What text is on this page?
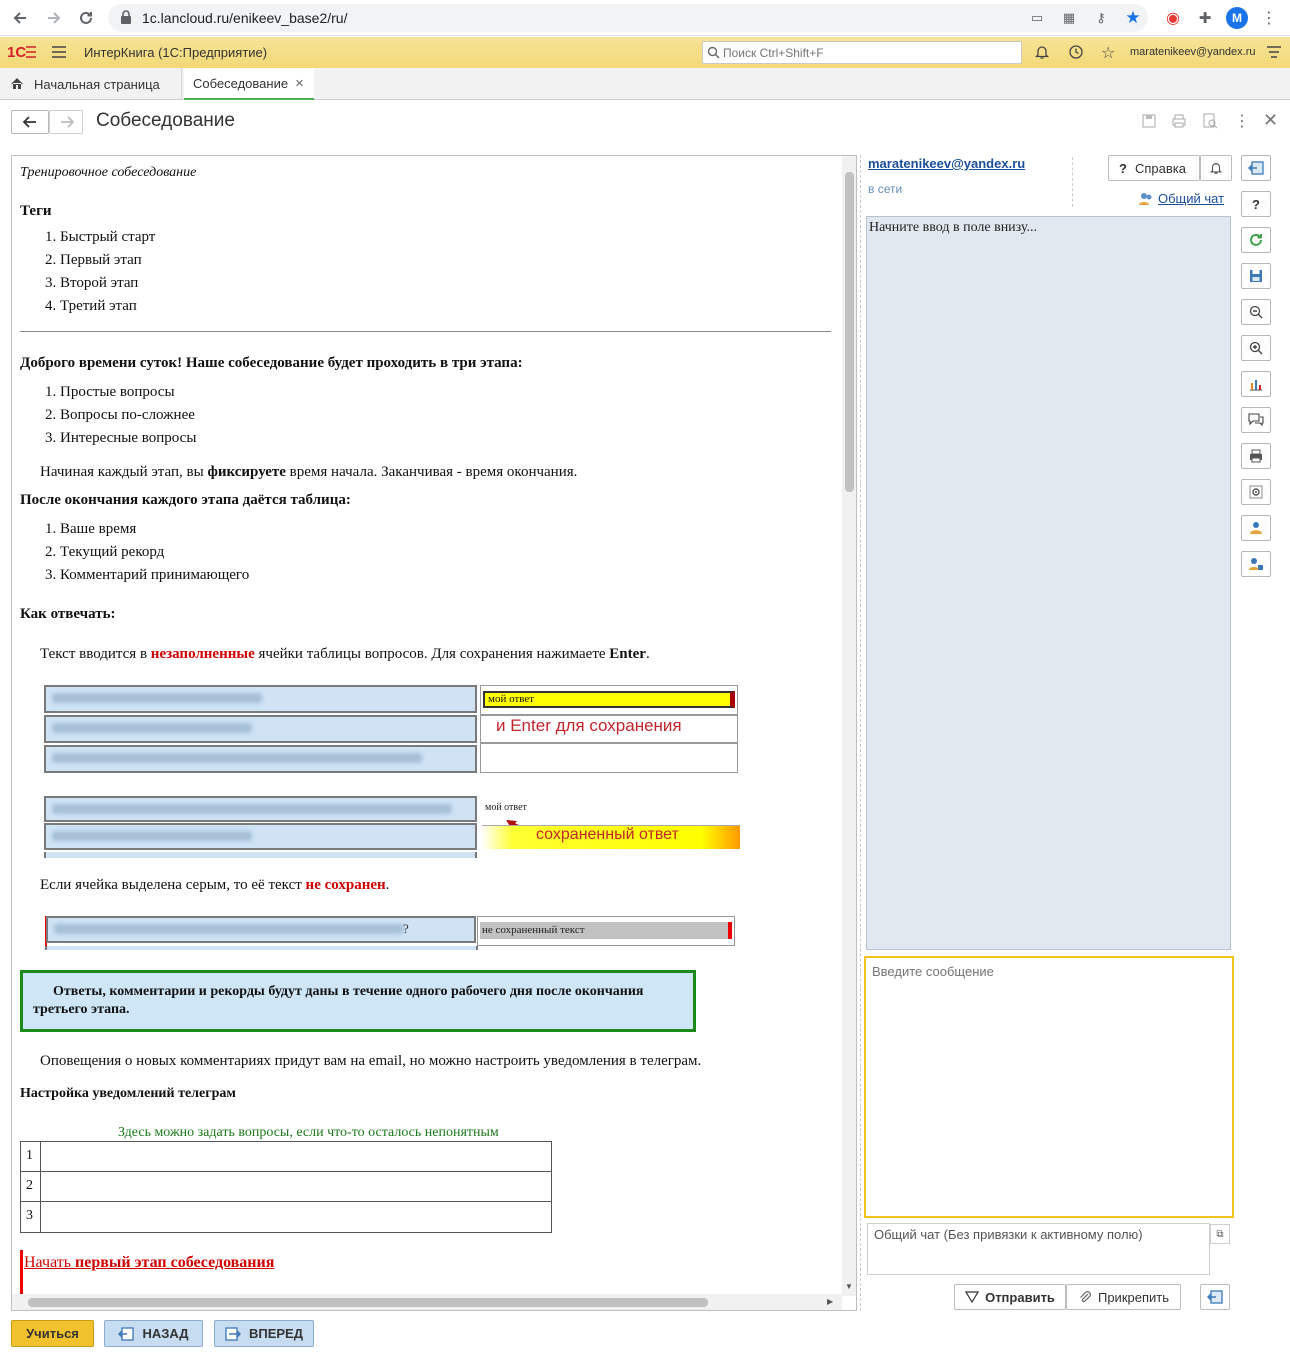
1c.lancloud.ru/enikeev_base2/ru/	▭ ▦	⚷	★ ◉ ✚	M	⋮
1С	ИнтерКнига (1С:Предприятие)
Поиск Ctrl+Shift+F	☆	maratenikeev@yandex.ru
Начальная страница	Собеседование ×
Собеседование	⋮ ✕
Тренировочное собеседование
Теги
1. Быстрый старт
2. Первый этап
3. Второй этап
4. Третий этап
Доброго времени суток! Наше собеседование будет проходить в три этапа:
1. Простые вопросы
2. Вопросы по-сложнее
3. Интересные вопросы
Начиная каждый этап, вы фиксируете время начала. Заканчивая - время окончания.
После окончания каждого этапа даётся таблица:
1. Ваше время
2. Текущий рекорд
3. Комментарий принимающего
Как отвечать:
Текст вводится в незаполненные ячейки таблицы вопросов. Для сохранения нажимаете Enter.
мой ответ
и Enter для сохранения
мой ответ
сохраненный ответ
Если ячейка выделена серым, то её текст не сохранен.
?	не сохраненный текст
Ответы, комментарии и рекорды будут даны в течение одного рабочего дня после окончания третьего этапа.
Оповещения о новых комментариях придут вам на email, но можно настроить уведомления в телеграм.
Настройка уведомлений телеграм
Здесь можно задать вопросы, если что-то осталось непонятным
1
2
3
Начать первый этап собеседования
▼
▶
maratenikeev@yandex.ru
в сети
? Справка
Общий чат
Начните ввод в поле внизу...
Введите сообщение
Общий чат (Без привязки к активному полю)	⧉
Отправить	Прикрепить
?
Учиться	НАЗАД	ВПЕРЕД
